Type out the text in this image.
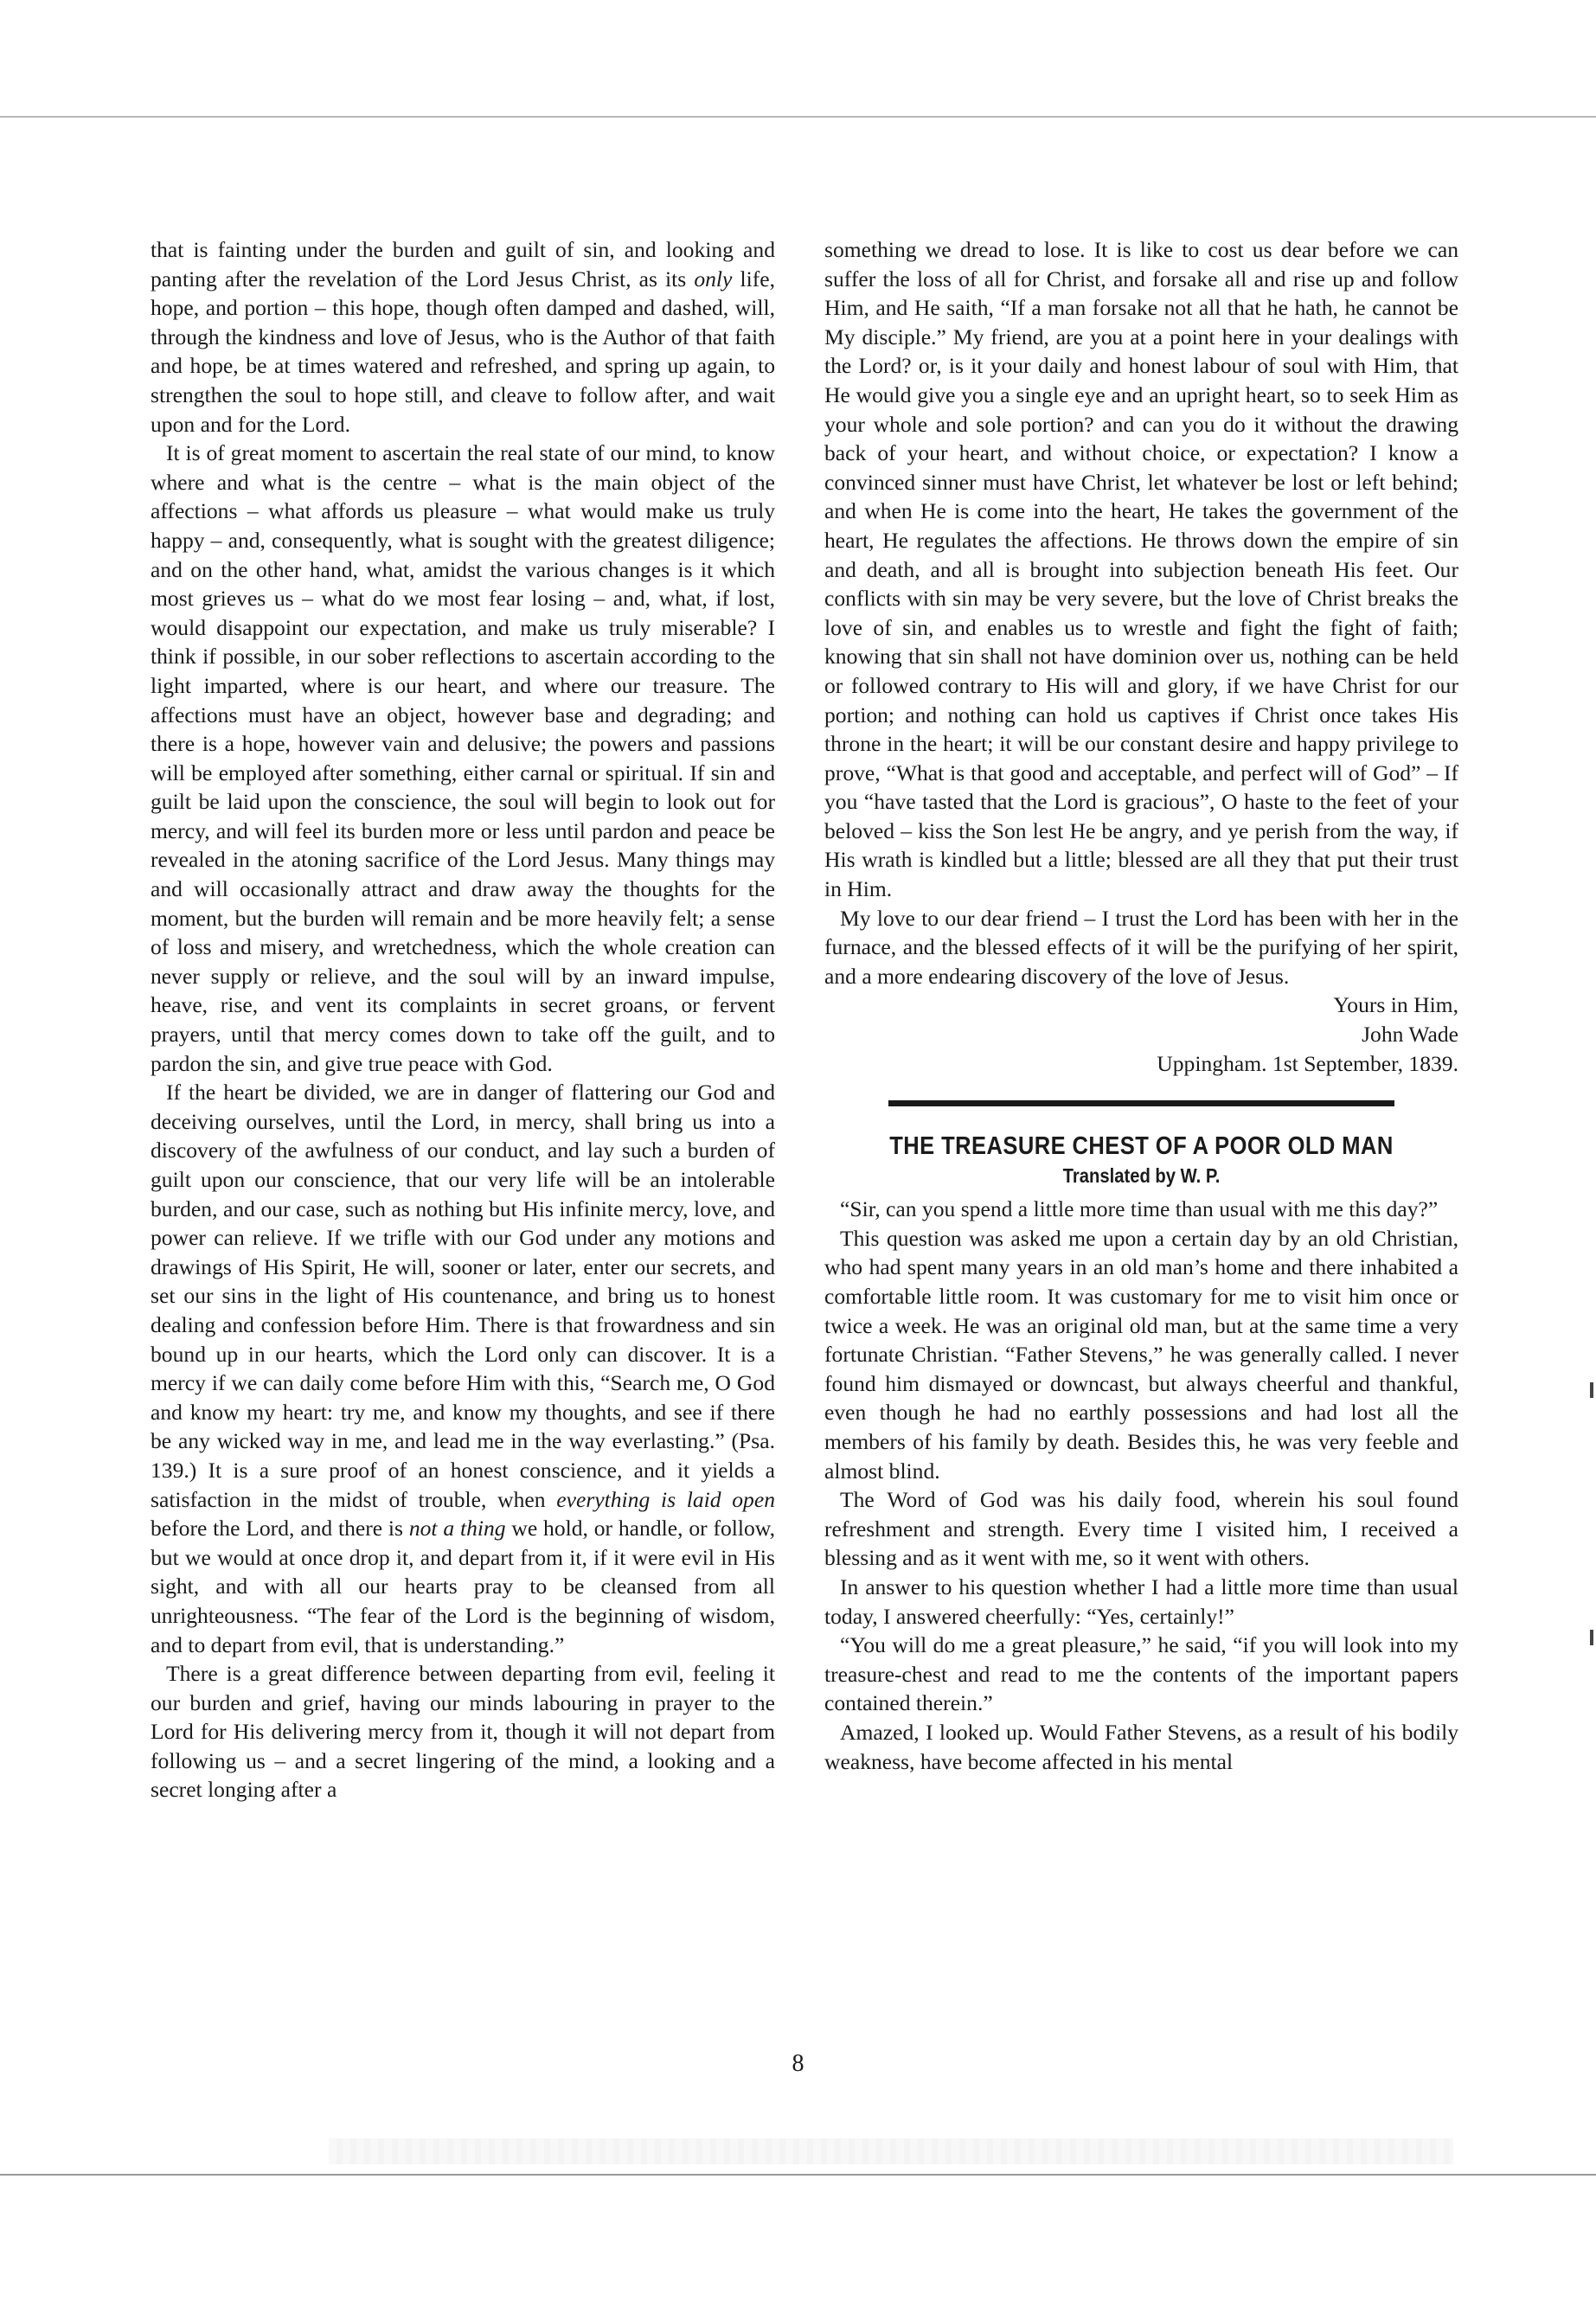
that is fainting under the burden and guilt of sin, and looking and panting after the revelation of the Lord Jesus Christ, as its only life, hope, and portion – this hope, though often damped and dashed, will, through the kindness and love of Jesus, who is the Author of that faith and hope, be at times watered and refreshed, and spring up again, to strengthen the soul to hope still, and cleave to follow after, and wait upon and for the Lord.

It is of great moment to ascertain the real state of our mind, to know where and what is the centre – what is the main object of the affections – what affords us pleasure – what would make us truly happy – and, consequently, what is sought with the greatest diligence; and on the other hand, what, amidst the various changes is it which most grieves us – what do we most fear losing – and, what, if lost, would disappoint our expectation, and make us truly miserable? I think if possible, in our sober reflections to ascertain according to the light imparted, where is our heart, and where our treasure. The affections must have an object, however base and degrading; and there is a hope, however vain and delusive; the powers and passions will be employed after something, either carnal or spiritual. If sin and guilt be laid upon the conscience, the soul will begin to look out for mercy, and will feel its burden more or less until pardon and peace be revealed in the atoning sacrifice of the Lord Jesus. Many things may and will occasionally attract and draw away the thoughts for the moment, but the burden will remain and be more heavily felt; a sense of loss and misery, and wretchedness, which the whole creation can never supply or relieve, and the soul will by an inward impulse, heave, rise, and vent its complaints in secret groans, or fervent prayers, until that mercy comes down to take off the guilt, and to pardon the sin, and give true peace with God.

If the heart be divided, we are in danger of flattering our God and deceiving ourselves, until the Lord, in mercy, shall bring us into a discovery of the awfulness of our conduct, and lay such a burden of guilt upon our conscience, that our very life will be an intolerable burden, and our case, such as nothing but His infinite mercy, love, and power can relieve. If we trifle with our God under any motions and drawings of His Spirit, He will, sooner or later, enter our secrets, and set our sins in the light of His countenance, and bring us to honest dealing and confession before Him. There is that frowardness and sin bound up in our hearts, which the Lord only can discover. It is a mercy if we can daily come before Him with this, “Search me, O God and know my heart: try me, and know my thoughts, and see if there be any wicked way in me, and lead me in the way everlasting.” (Psa. 139.) It is a sure proof of an honest conscience, and it yields a satisfaction in the midst of trouble, when everything is laid open before the Lord, and there is not a thing we hold, or handle, or follow, but we would at once drop it, and depart from it, if it were evil in His sight, and with all our hearts pray to be cleansed from all unrighteousness. “The fear of the Lord is the beginning of wisdom, and to depart from evil, that is understanding.”

There is a great difference between departing from evil, feeling it our burden and grief, having our minds labouring in prayer to the Lord for His delivering mercy from it, though it will not depart from following us – and a secret lingering of the mind, a looking and a secret longing after a

something we dread to lose. It is like to cost us dear before we can suffer the loss of all for Christ, and forsake all and rise up and follow Him, and He saith, “If a man forsake not all that he hath, he cannot be My disciple.” My friend, are you at a point here in your dealings with the Lord? or, is it your daily and honest labour of soul with Him, that He would give you a single eye and an upright heart, so to seek Him as your whole and sole portion? and can you do it without the drawing back of your heart, and without choice, or expectation? I know a convinced sinner must have Christ, let whatever be lost or left behind; and when He is come into the heart, He takes the government of the heart, He regulates the affections. He throws down the empire of sin and death, and all is brought into subjection beneath His feet. Our conflicts with sin may be very severe, but the love of Christ breaks the love of sin, and enables us to wrestle and fight the fight of faith; knowing that sin shall not have dominion over us, nothing can be held or followed contrary to His will and glory, if we have Christ for our portion; and nothing can hold us captives if Christ once takes His throne in the heart; it will be our constant desire and happy privilege to prove, “What is that good and acceptable, and perfect will of God” – If you “have tasted that the Lord is gracious”, O haste to the feet of your beloved – kiss the Son lest He be angry, and ye perish from the way, if His wrath is kindled but a little; blessed are all they that put their trust in Him.

My love to our dear friend – I trust the Lord has been with her in the furnace, and the blessed effects of it will be the purifying of her spirit, and a more endearing discovery of the love of Jesus.

Yours in Him,

John Wade

Uppingham. 1st September, 1839.

THE TREASURE CHEST OF A POOR OLD MAN
Translated by W. P.

“Sir, can you spend a little more time than usual with me this day?”

This question was asked me upon a certain day by an old Christian, who had spent many years in an old man’s home and there inhabited a comfortable little room. It was customary for me to visit him once or twice a week. He was an original old man, but at the same time a very fortunate Christian. “Father Stevens,” he was generally called. I never found him dismayed or downcast, but always cheerful and thankful, even though he had no earthly possessions and had lost all the members of his family by death. Besides this, he was very feeble and almost blind.

The Word of God was his daily food, wherein his soul found refreshment and strength. Every time I visited him, I received a blessing and as it went with me, so it went with others.

In answer to his question whether I had a little more time than usual today, I answered cheerfully: “Yes, certainly!”

“You will do me a great pleasure,” he said, “if you will look into my treasure-chest and read to me the contents of the important papers contained therein.”

Amazed, I looked up. Would Father Stevens, as a result of his bodily weakness, have become affected in his mental

8
